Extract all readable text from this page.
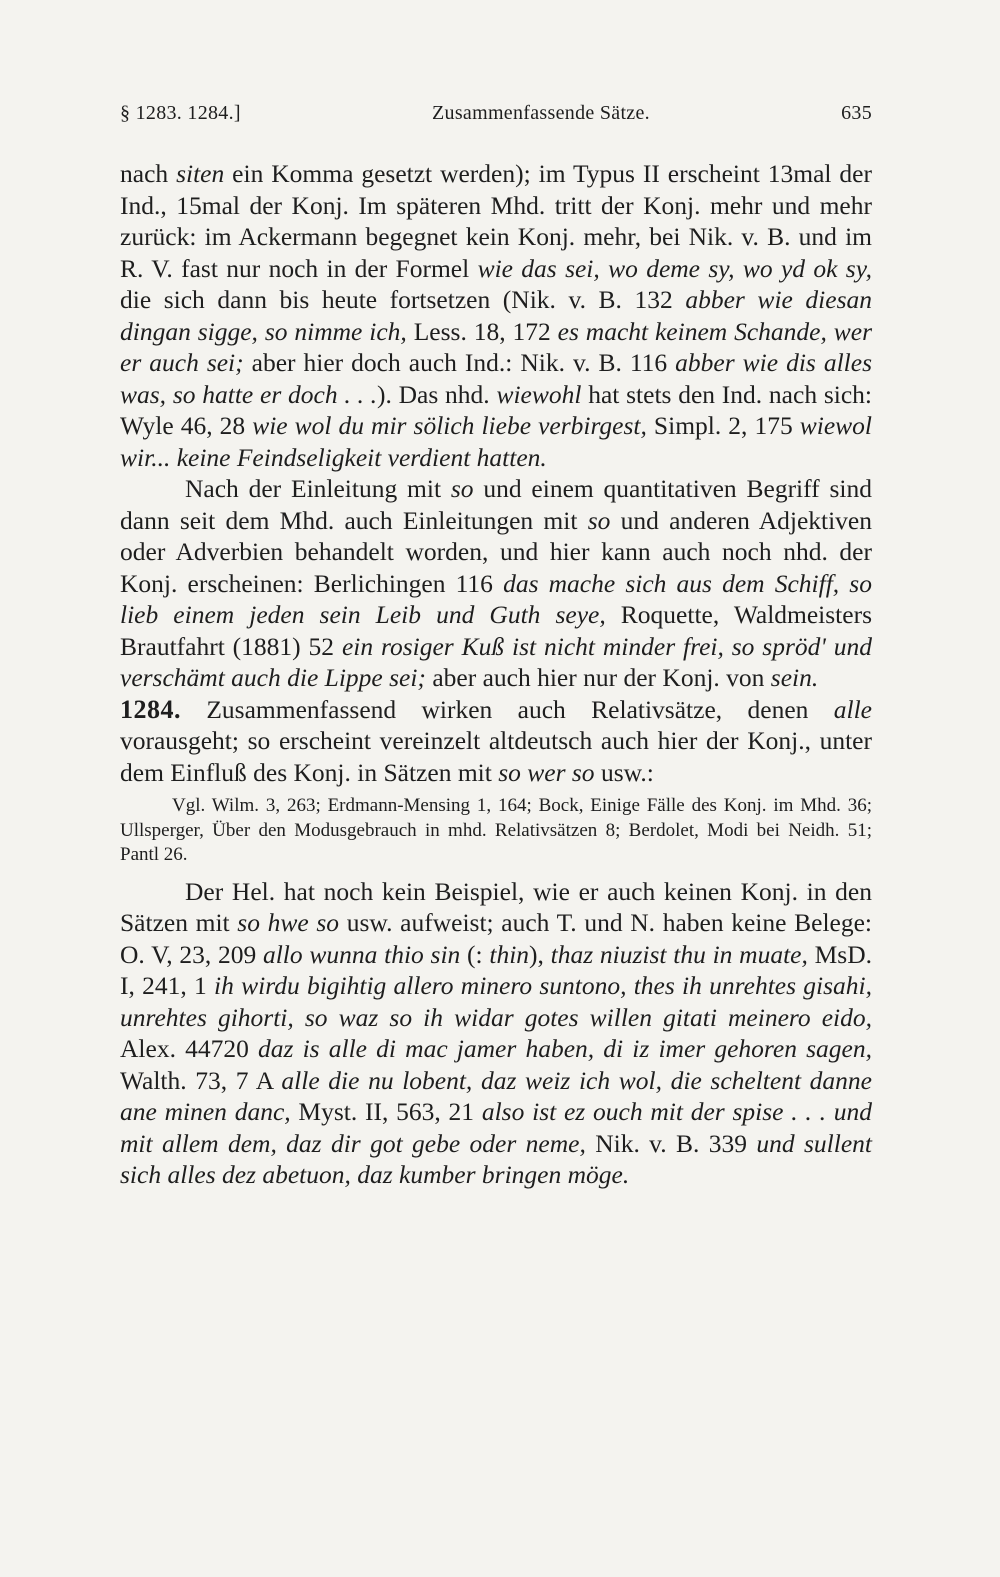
§ 1283. 1284.]	Zusammenfassende Sätze.	635

nach siten ein Komma gesetzt werden); im Typus II erscheint 13mal der Ind., 15mal der Konj. Im späteren Mhd. tritt der Konj. mehr und mehr zurück: im Ackermann begegnet kein Konj. mehr, bei Nik. v. B. und im R. V. fast nur noch in der Formel wie das sei, wo deme sy, wo yd ok sy, die sich dann bis heute fortsetzen (Nik. v. B. 132 abber wie diesan dingan sigge, so nimme ich, Less. 18, 172 es macht keinem Schande, wer er auch sei; aber hier doch auch Ind.: Nik. v. B. 116 abber wie dis alles was, so hatte er doch . . .). Das nhd. wiewohl hat stets den Ind. nach sich: Wyle 46, 28 wie wol du mir sölich liebe verbirgest, Simpl. 2, 175 wiewol wir... keine Feindseligkeit verdient hatten.

Nach der Einleitung mit so und einem quantitativen Begriff sind dann seit dem Mhd. auch Einleitungen mit so und anderen Adjektiven oder Adverbien behandelt worden, und hier kann auch noch nhd. der Konj. erscheinen: Berlichingen 116 das mache sich aus dem Schiff, so lieb einem jeden sein Leib und Guth seye, Roquette, Waldmeisters Brautfahrt (1881) 52 ein rosiger Kuß ist nicht minder frei, so spröd' und verschämt auch die Lippe sei; aber auch hier nur der Konj. von sein.

1284. Zusammenfassend wirken auch Relativsätze, denen alle vorausgeht; so erscheint vereinzelt altdeutsch auch hier der Konj., unter dem Einfluß des Konj. in Sätzen mit so wer so usw.:

Vgl. Wilm. 3, 263; Erdmann-Mensing 1, 164; Bock, Einige Fälle des Konj. im Mhd. 36; Ullsperger, Über den Modusgebrauch in mhd. Relativsätzen 8; Berdolet, Modi bei Neidh. 51; Pantl 26.

Der Hel. hat noch kein Beispiel, wie er auch keinen Konj. in den Sätzen mit so hwe so usw. aufweist; auch T. und N. haben keine Belege: O. V, 23, 209 allo wunna thio sin (: thin), thaz niuzist thu in muate, MsD. I, 241, 1 ih wirdu bigihtig allero minero suntono, thes ih unrehtes gisahi, unrehtes gihorti, so waz so ih widar gotes willen gitati meinero eido, Alex. 44720 daz is alle di mac jamer haben, di iz imer gehoren sagen, Walth. 73, 7 A alle die nu lobent, daz weiz ich wol, die scheltent danne ane minen danc, Myst. II, 563, 21 also ist ez ouch mit der spise . . . und mit allem dem, daz dir got gebe oder neme, Nik. v. B. 339 und sullent sich alles dez abetuon, daz kumber bringen möge.
